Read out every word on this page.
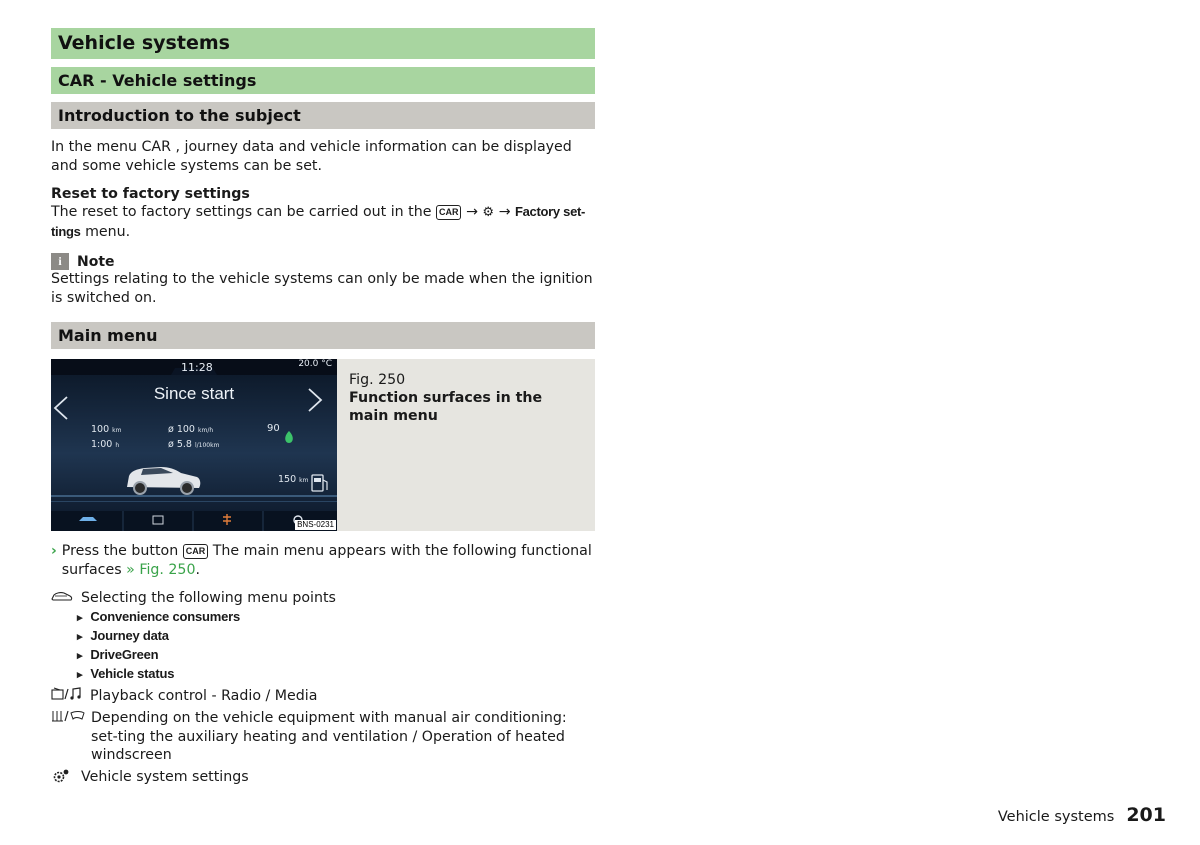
Vehicle systems
CAR - Vehicle settings
Introduction to the subject

In the menu CAR , journey data and vehicle information can be displayed and some vehicle systems can be set.

Reset to factory settings

The reset to factory settings can be carried out in the CAR → ⚙ → Factory set-tings menu.

i	Note

Settings relating to the vehicle systems can only be made when the ignition is switched on.

Main menu
11:28	20.0 °C
Since start
100 km
1:00 h
ø 100 km/h
ø 5.8 l/100km
90
150 km
BNS-0231
Fig. 250
Function surfaces in the main menu
› Press the button CAR The main menu appears with the following functional surfaces » Fig. 250.
Selecting the following menu points
▸ Convenience consumers
▸ Journey data
▸ DriveGreen
▸ Vehicle status
Playback control - Radio / Media
Depending on the vehicle equipment with manual air conditioning: set-ting the auxiliary heating and ventilation / Operation of heated windscreen
Vehicle system settings
Vehicle systems 201
